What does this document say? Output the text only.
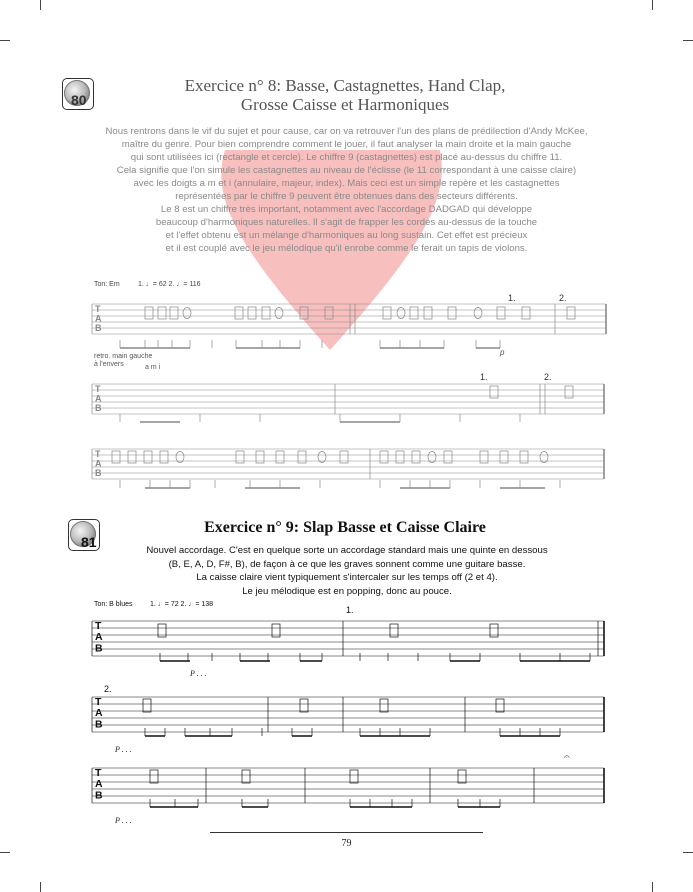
80
Exercice n° 8: Basse, Castagnettes, Hand Clap,
Grosse Caisse et Harmoniques
Nous rentrons dans le vif du sujet et pour cause, car on va retrouver l'un des plans de prédilection d'Andy McKee,
maître du genre. Pour bien comprendre comment le jouer, il faut analyser la main droite et la main gauche
qui sont utilisées ici (rectangle et cercle). Le chiffre 9 (castagnettes) est placé au-dessus du chiffre 11.
Cela signifie que l'on simule les castagnettes au niveau de l'éclisse (le 11 correspondant à une caisse claire)
avec les doigts a m et i (annulaire, majeur, index). Mais ceci est un simple repère et les castagnettes
représentées par le chiffre 9 peuvent être obtenues dans des secteurs différents.
Le 8 est un chiffre très important, notamment avec l'accordage DADGAD qui développe
beaucoup d'harmoniques naturelles. Il s'agit de frapper les cordes au-dessus de la touche
et l'effet obtenu est un mélange d'harmoniques au long sustain. Cet effet est précieux
et il est couplé avec le jeu mélodique qu'il enrobe comme le ferait un tapis de violons.
Ton: Em	1. ♩= 62 2. ♩= 116
retro. main gauche
à l'envers	a m i
1.	2.
1.	2.
p
81
Exercice n° 9: Slap Basse et Caisse Claire
Nouvel accordage. C'est en quelque sorte un accordage standard mais une quinte en dessous
(B, E, A, D, F#, B), de façon à ce que les graves sonnent comme une guitare basse.
La caisse claire vient typiquement s'intercaler sur les temps off (2 et 4).
Le jeu mélodique est en popping, donc au pouce.
Ton: B blues 1. ♩= 72 2. ♩= 138
1.
2.
P . . .
P . . .
P . . .
𝄐
T
A
B
T
A
B
T
A
B
T
A
B
T
A
B
T
A
B
79
